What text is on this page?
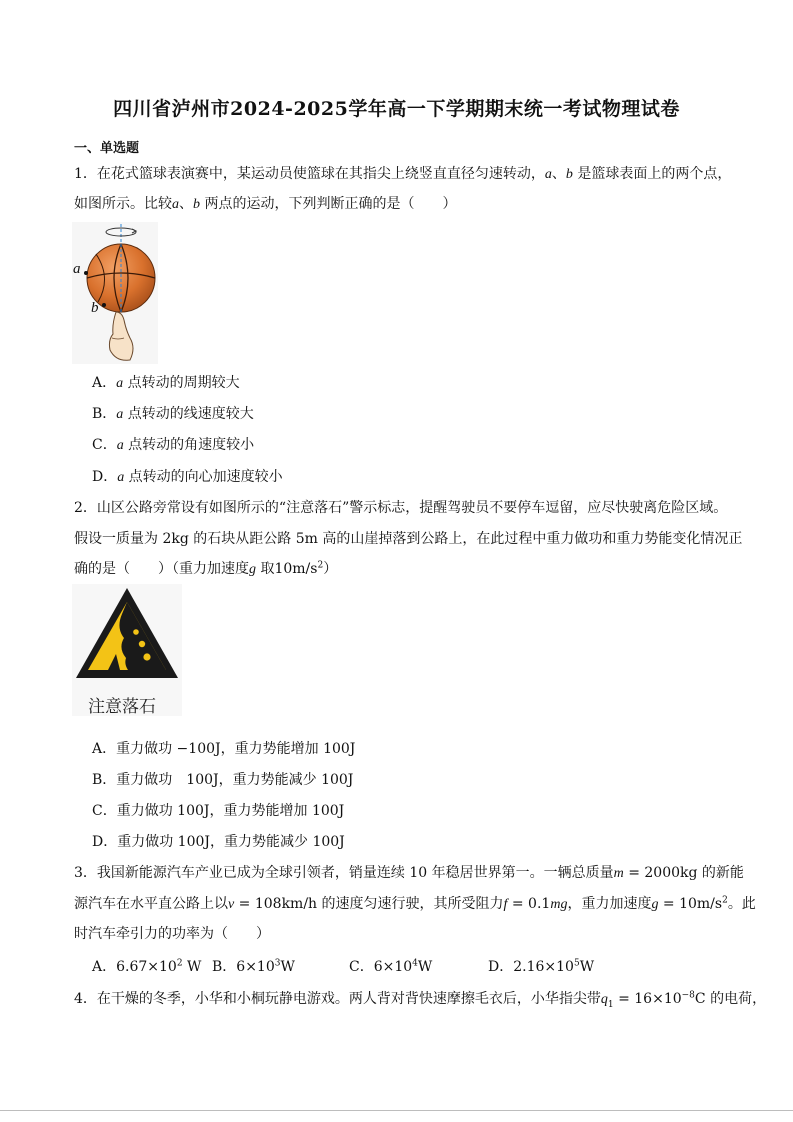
四川省泸州市2024-2025学年高一下学期期末统一考试物理试卷
一、单选题
1．在花式篮球表演赛中，某运动员使篮球在其指尖上绕竖直直径匀速转动，a、b 是篮球表面上的两个点，
如图所示。比较a、b 两点的运动，下列判断正确的是（　　）
a
b
A．a 点转动的周期较大
B．a 点转动的线速度较大
C．a 点转动的角速度较小
D．a 点转动的向心加速度较小
2．山区公路旁常设有如图所示的“注意落石”警示标志，提醒驾驶员不要停车逗留，应尽快驶离危险区域。
假设一质量为 2kg 的石块从距公路 5m 高的山崖掉落到公路上，在此过程中重力做功和重力势能变化情况正
确的是（　　）（重力加速度g 取$10m/s^2$）
注意落石
A．重力做功 −100J，重力势能增加 100J
B．重力做功　100J，重力势能减少 100J
C．重力做功 100J，重力势能增加 100J
D．重力做功 100J，重力势能减少 100J
3．我国新能源汽车产业已成为全球引领者，销量连续 10 年稳居世界第一。一辆总质量m = 2000kg 的新能
源汽车在水平直公路上以v = 108km/h 的速度匀速行驶，其所受阻力f = 0.1mg，重力加速度$g = 10m/s^2$。此
时汽车牵引力的功率为（　　）
A．$6.67\times 10^2$ W B．$6\times 10^3W$	C．$6\times 10^4W$	D．$2.16\times 10^5W$
4．在干燥的冬季，小华和小桐玩静电游戏。两人背对背快速摩擦毛衣后，小华指尖带$q_1 = 16\times 10^{-8}C$ 的电荷，
